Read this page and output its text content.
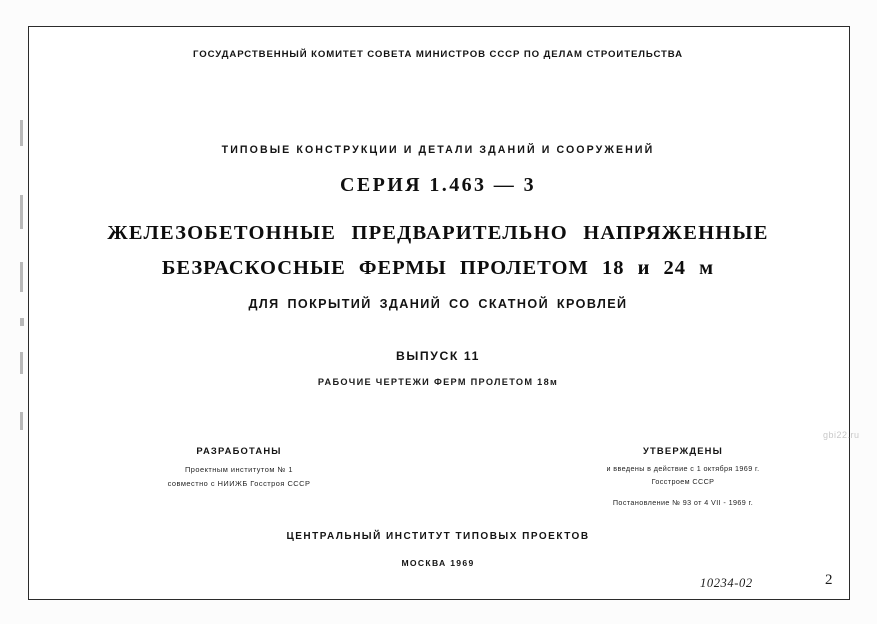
ГОСУДАРСТВЕННЫЙ КОМИТЕТ СОВЕТА МИНИСТРОВ СССР ПО ДЕЛАМ СТРОИТЕЛЬСТВА
ТИПОВЫЕ КОНСТРУКЦИИ И ДЕТАЛИ ЗДАНИЙ И СООРУЖЕНИЙ
СЕРИЯ 1.463 — 3
ЖЕЛЕЗОБЕТОННЫЕ ПРЕДВАРИТЕЛЬНО НАПРЯЖЕННЫЕ
БЕЗРАСКОСНЫЕ ФЕРМЫ ПРОЛЕТОМ 18 и 24 м
ДЛЯ ПОКРЫТИЙ ЗДАНИЙ СО СКАТНОЙ КРОВЛЕЙ
ВЫПУСК 11
РАБОЧИЕ ЧЕРТЕЖИ ФЕРМ ПРОЛЕТОМ 18м
РАЗРАБОТАНЫ
Проектным институтом № 1
совместно с НИИЖБ Госстроя СССР
УТВЕРЖДЕНЫ
и введены в действие с 1 октября 1969 г.
Госстроем СССР
Постановление № 93 от 4 VII - 1969 г.
ЦЕНТРАЛЬНЫЙ ИНСТИТУТ ТИПОВЫХ ПРОЕКТОВ
МОСКВА 1969
10234-02	2
gbi22.ru
